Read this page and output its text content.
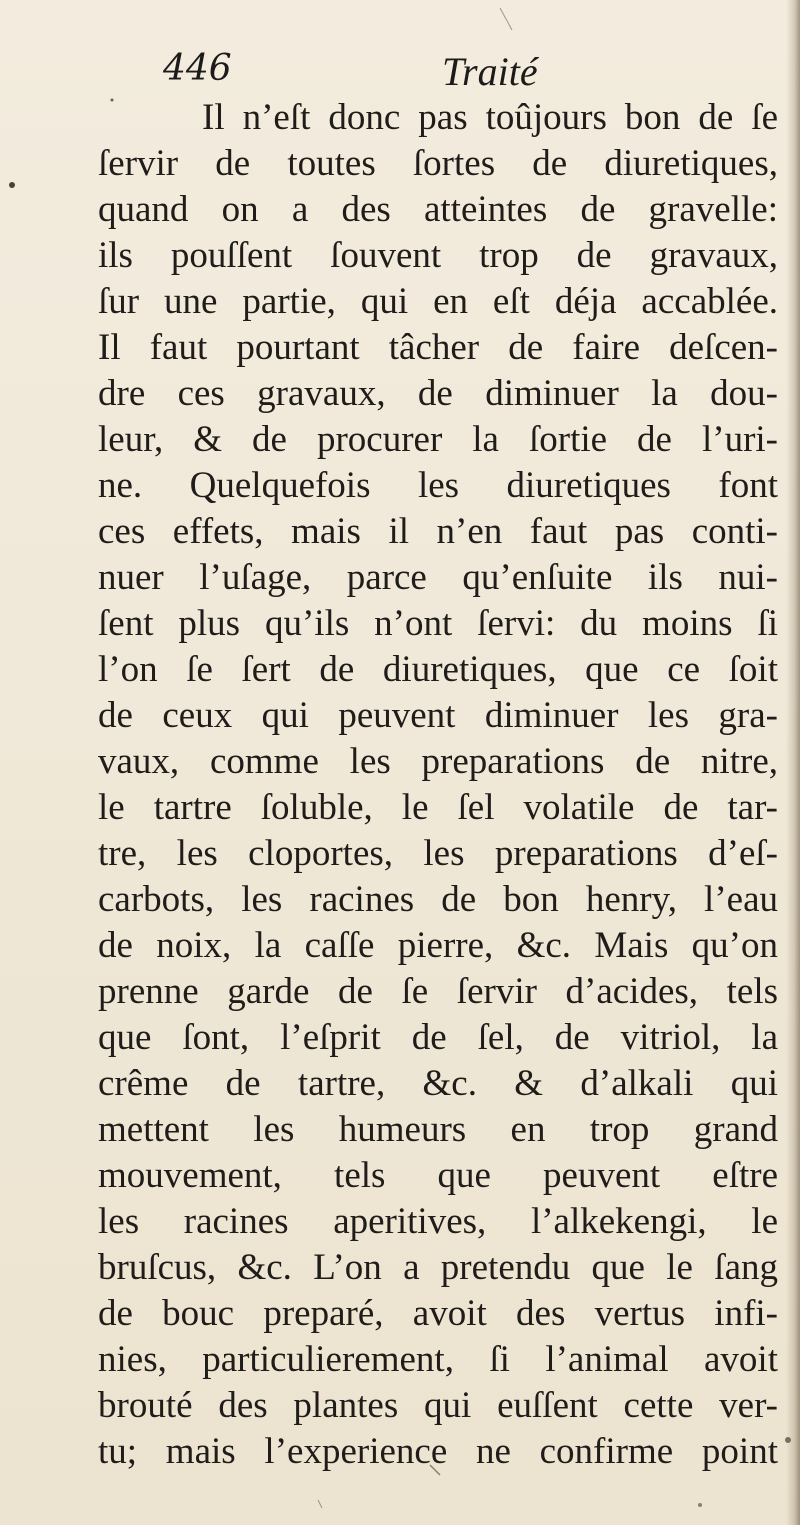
446	Traité
Il n’eſt donc pas toûjours bon de ſe
ſervir de toutes ſortes de diuretiques,
quand on a des atteintes de gravelle:
ils pouſſent ſouvent trop de gravaux,
ſur une partie, qui en eſt déja accablée.
Il faut pourtant tâcher de faire deſcen-
dre ces gravaux, de diminuer la dou-
leur, & de procurer la ſortie de l’uri-
ne. Quelquefois les diuretiques font
ces effets, mais il n’en faut pas conti-
nuer l’uſage, parce qu’enſuite ils nui-
ſent plus qu’ils n’ont ſervi: du moins ſi
l’on ſe ſert de diuretiques, que ce ſoit
de ceux qui peuvent diminuer les gra-
vaux, comme les preparations de nitre,
le tartre ſoluble, le ſel volatile de tar-
tre, les cloportes, les preparations d’eſ-
carbots, les racines de bon henry, l’eau
de noix, la caſſe pierre, &c. Mais qu’on
prenne garde de ſe ſervir d’acides, tels
que ſont, l’eſprit de ſel, de vitriol, la
crême de tartre, &c. & d’alkali qui
mettent les humeurs en trop grand
mouvement, tels que peuvent eſtre
les racines aperitives, l’alkekengi, le
bruſcus, &c. L’on a pretendu que le ſang
de bouc preparé, avoit des vertus infi-
nies, particulierement, ſi l’animal avoit
brouté des plantes qui euſſent cette ver-
tu; mais l’experience ne confirme point
